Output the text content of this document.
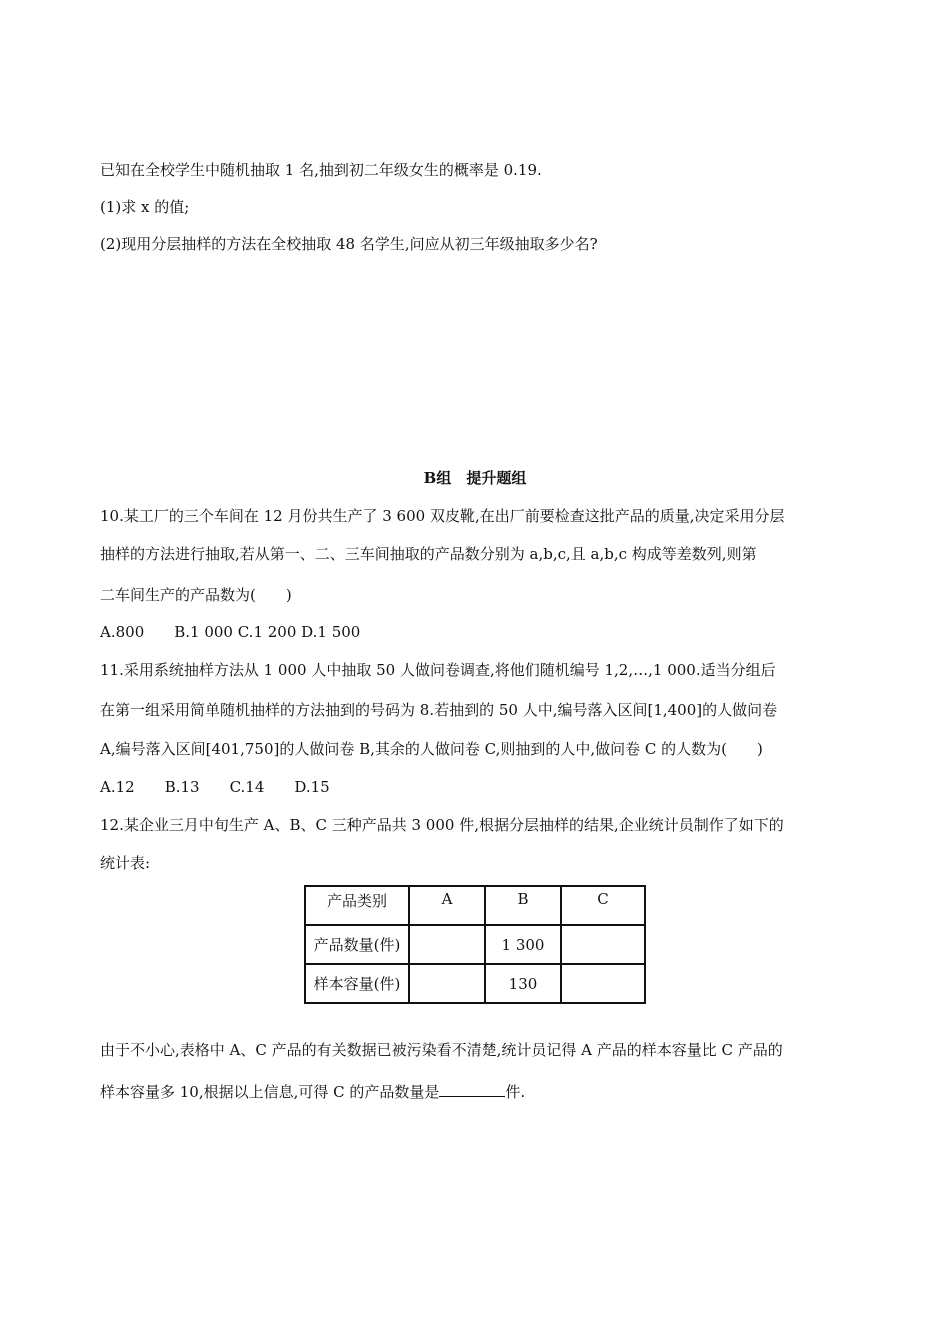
已知在全校学生中随机抽取 1 名,抽到初二年级女生的概率是 0.19.
(1)求 x 的值;
(2)现用分层抽样的方法在全校抽取 48 名学生,问应从初三年级抽取多少名?
B组　提升题组
10.某工厂的三个车间在 12 月份共生产了 3 600 双皮靴,在出厂前要检查这批产品的质量,决定采用分层
抽样的方法进行抽取,若从第一、二、三车间抽取的产品数分别为 a,b,c,且 a,b,c 构成等差数列,则第
二车间生产的产品数为(　　)
A.800　　B.1 000 C.1 200 D.1 500
11.采用系统抽样方法从 1 000 人中抽取 50 人做问卷调查,将他们随机编号 1,2,…,1 000.适当分组后
在第一组采用简单随机抽样的方法抽到的号码为 8.若抽到的 50 人中,编号落入区间[1,400]的人做问卷
A,编号落入区间[401,750]的人做问卷 B,其余的人做问卷 C,则抽到的人中,做问卷 C 的人数为(　　)
A.12　　B.13　　C.14　　D.15
12.某企业三月中旬生产 A、B、C 三种产品共 3 000 件,根据分层抽样的结果,企业统计员制作了如下的
统计表:
产品类别	A	B	C
产品数量(件)		1 300	
样本容量(件)		130	
由于不小心,表格中 A、C 产品的有关数据已被污染看不清楚,统计员记得 A 产品的样本容量比 C 产品的
样本容量多 10,根据以上信息,可得 C 的产品数量是	件.
